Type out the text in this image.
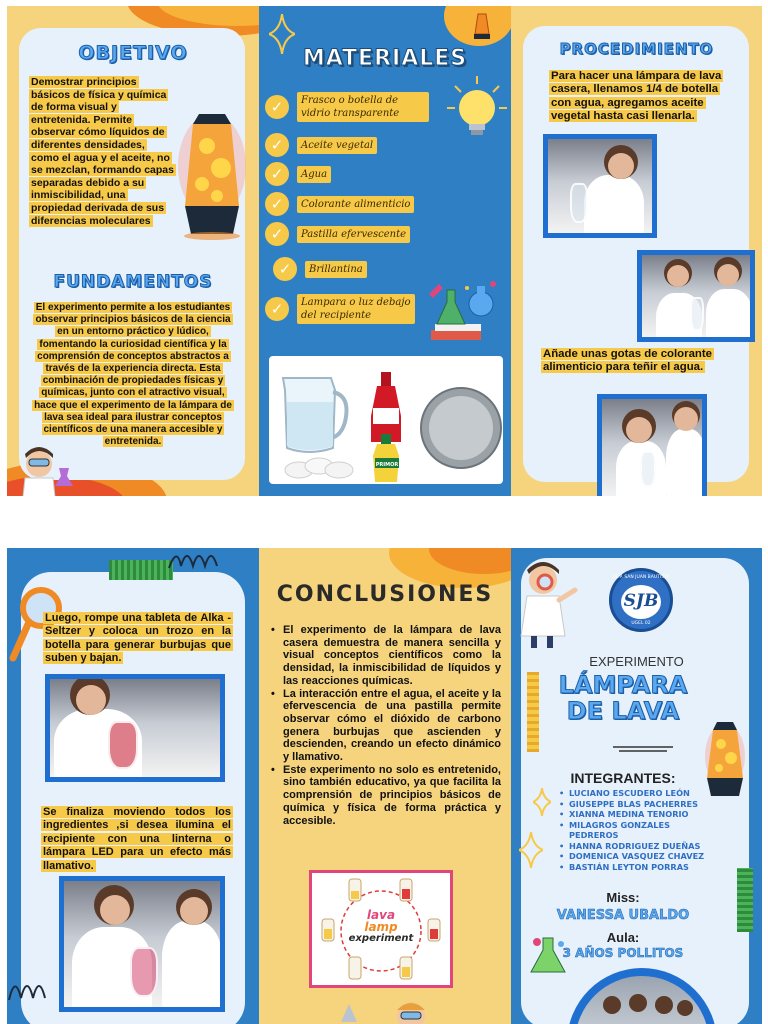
OBJETIVO
Demostrar principios básicos de física y química de forma visual y entretenida. Permite observar cómo líquidos de diferentes densidades, como el agua y el aceite, no se mezclan, formando capas separadas debido a su inmiscibilidad, una propiedad derivada de sus diferencias moleculares
FUNDAMENTOS
El experimento permite a los estudiantes observar principios básicos de la ciencia en un entorno práctico y lúdico, fomentando la curiosidad científica y la comprensión de conceptos abstractos a través de la experiencia directa. Esta combinación de propiedades físicas y químicas, junto con el atractivo visual, hace que el experimento de la lámpara de lava sea ideal para ilustrar conceptos científicos de una manera accesible y entretenida.
MATERIALES
✓	Frasco o botella de vidrio transparente
✓	Aceite vegetal
✓	Agua
✓	Colorante alimenticio
✓	Pastilla efervescente
✓	Brillantina
✓	Lampara o luz debajo del recipiente
PRIMOR
PROCEDIMIENTO
Para hacer una lámpara de lava casera, llenamos 1/4 de botella con agua, agregamos aceite vegetal hasta casi llenarla.
Añade unas gotas de colorante alimenticio para teñir el agua.
Luego, rompe una tableta de Alka - Seltzer y coloca un trozo en la botella para generar burbujas que suben y bajan.
Se finaliza moviendo todos los ingredientes ,si desea ilumina el recipiente con una linterna o lámpara LED para un efecto más llamativo.
CONCLUSIONES
• El experimento de la lámpara de lava casera demuestra de manera sencilla y visual conceptos científicos como la densidad, la inmiscibilidad de líquidos y las reacciones químicas.
• La interacción entre el agua, el aceite y la efervescencia de una pastilla permite observar cómo el dióxido de carbono genera burbujas que ascienden y descienden, creando un efecto dinámico y llamativo.
• Este experimento no solo es entretenido, sino también educativo, ya que facilita la comprensión de principios básicos de química y física de forma práctica y accesible.
lava
lamp
experiment
I.E.P. SAN JUAN BAUTISTA
SJB
UGEL 02
EXPERIMENTO
LÁMPARA
DE LAVA
INTEGRANTES:
• LUCIANO ESCUDERO LEÓN
• GIUSEPPE BLAS PACHERRES
• XIANNA MEDINA TENORIO
• MILAGROS GONZALES PEDREROS
• HANNA RODRIGUEZ DUEÑAS
• DOMENICA VASQUEZ CHAVEZ
• BASTIÁN LEYTON PORRAS
Miss:
VANESSA UBALDO
Aula:
3 AÑOS POLLITOS
